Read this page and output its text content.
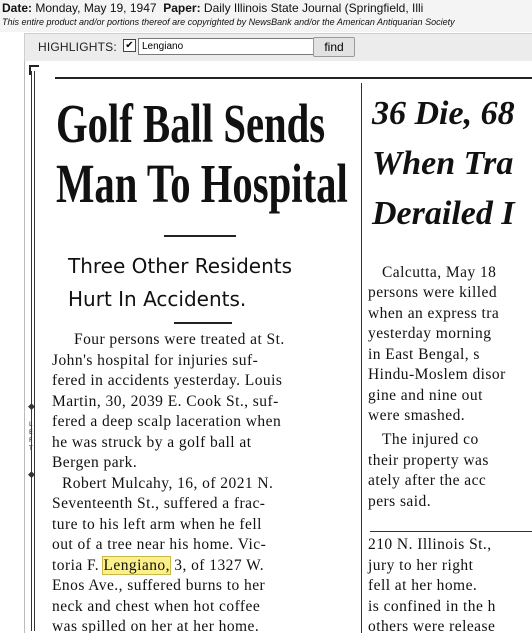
Date: Monday, May 19, 1947 Paper: Daily Illinois State Journal (Springfield, Illi
This entire product and/or portions thereof are copyrighted by NewsBank and/or the American Antiquarian Society
HIGHLIGHTS: ✔
Lengiano	find
◆
L
E
F
T
◆
Golf Ball Sends
Man To Hospital
Three Other Residents
Hurt In Accidents.
Four persons were treated at St.
John's hospital for injuries suf-
fered in accidents yesterday. Louis
Martin, 30, 2039 E. Cook St., suf-
fered a deep scalp laceration when
he was struck by a golf ball at
Bergen park.
Robert Mulcahy, 16, of 2021 N.
Seventeenth St., suffered a frac-
ture to his left arm when he fell
out of a tree near his home. Vic-
toria F. Lengiano, 3, of 1327 W.
Enos Ave., suffered burns to her
neck and chest when hot coffee
was spilled on her at her home.
36 Die, 68
When Tra
Derailed I
Calcutta, May 18
persons were killed
when an express tra
yesterday morning
in East Bengal, s
Hindu-Moslem disor
gine and nine out
were smashed.
The injured co
their property was
ately after the acc
pers said.
210 N. Illinois St.,
jury to her right
fell at her home.
is confined in the h
others were release
